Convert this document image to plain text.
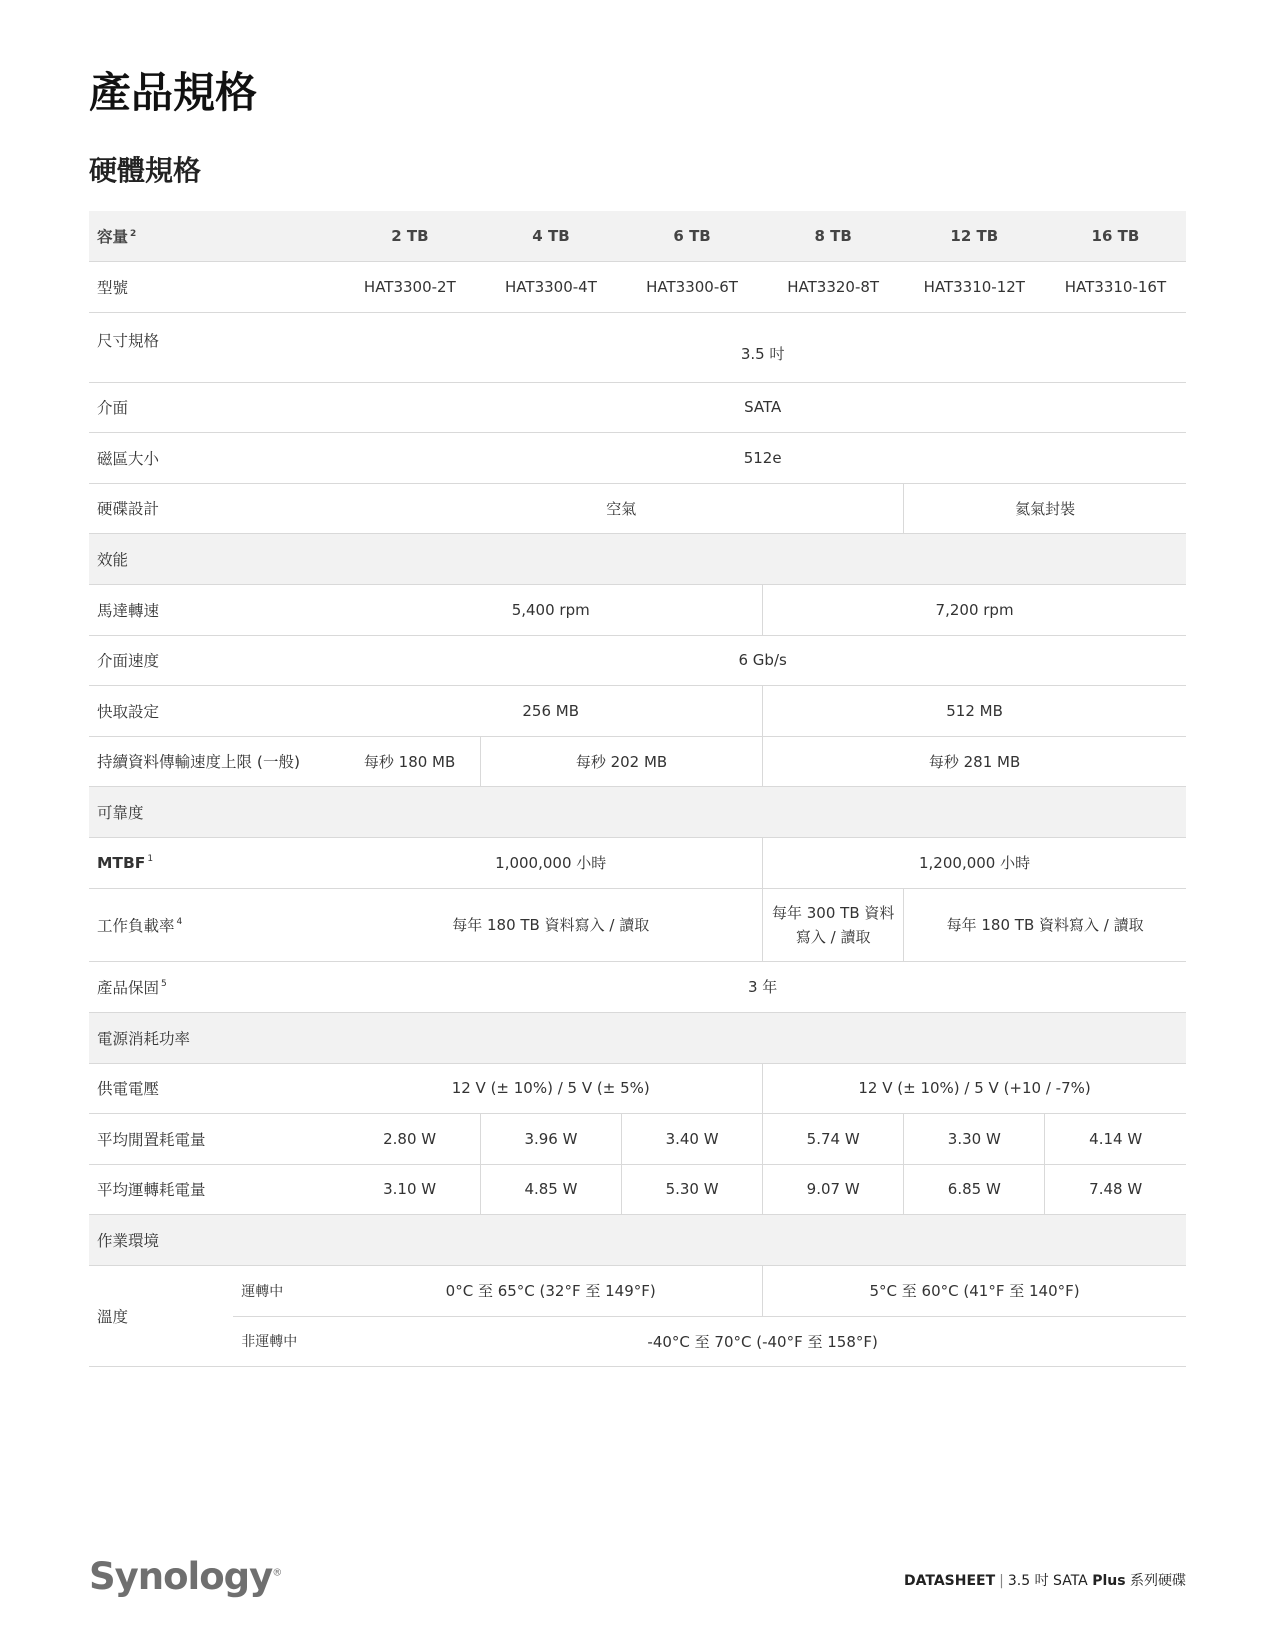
產品規格
硬體規格
容量 $^2$		2 TB	4 TB	6 TB	8 TB	12 TB	16 TB
型號		HAT3300-2T	HAT3300-4T	HAT3300-6T	HAT3320-8T	HAT3310-12T	HAT3310-16T
尺寸規格		3.5 吋					
介面		SATA					
磁區大小		512e					
硬碟設計		空氣				氦氣封裝	
效能							
馬達轉速		5,400 rpm			7,200 rpm		
介面速度		6 Gb/s					
快取設定		256 MB			512 MB		
持續資料傳輸速度上限 (一般)		每秒 180 MB	每秒 202 MB		每秒 281 MB		
可靠度							
MTBF $^1$		1,000,000 小時			1,200,000 小時		
工作負載率 $^4$		每年 180 TB 資料寫入 / 讀取			每年 300 TB 資料寫入 / 讀取	每年 180 TB 資料寫入 / 讀取	
產品保固 $^5$		3 年					
電源消耗功率							
供電電壓		12 V (± 10%) / 5 V (± 5%)			12 V (± 10%) / 5 V (+10 / -7%)		
平均閒置耗電量		2.80 W	3.96 W	3.40 W	5.74 W	3.30 W	4.14 W
平均運轉耗電量		3.10 W	4.85 W	5.30 W	9.07 W	6.85 W	7.48 W
作業環境							
溫度	運轉中	0°C 至 65°C (32°F 至 149°F)			5°C 至 60°C (41°F 至 140°F)		
	非運轉中	-40°C 至 70°C (-40°F 至 158°F)					
Synology®	DATASHEET | 3.5 吋 SATA Plus 系列硬碟
